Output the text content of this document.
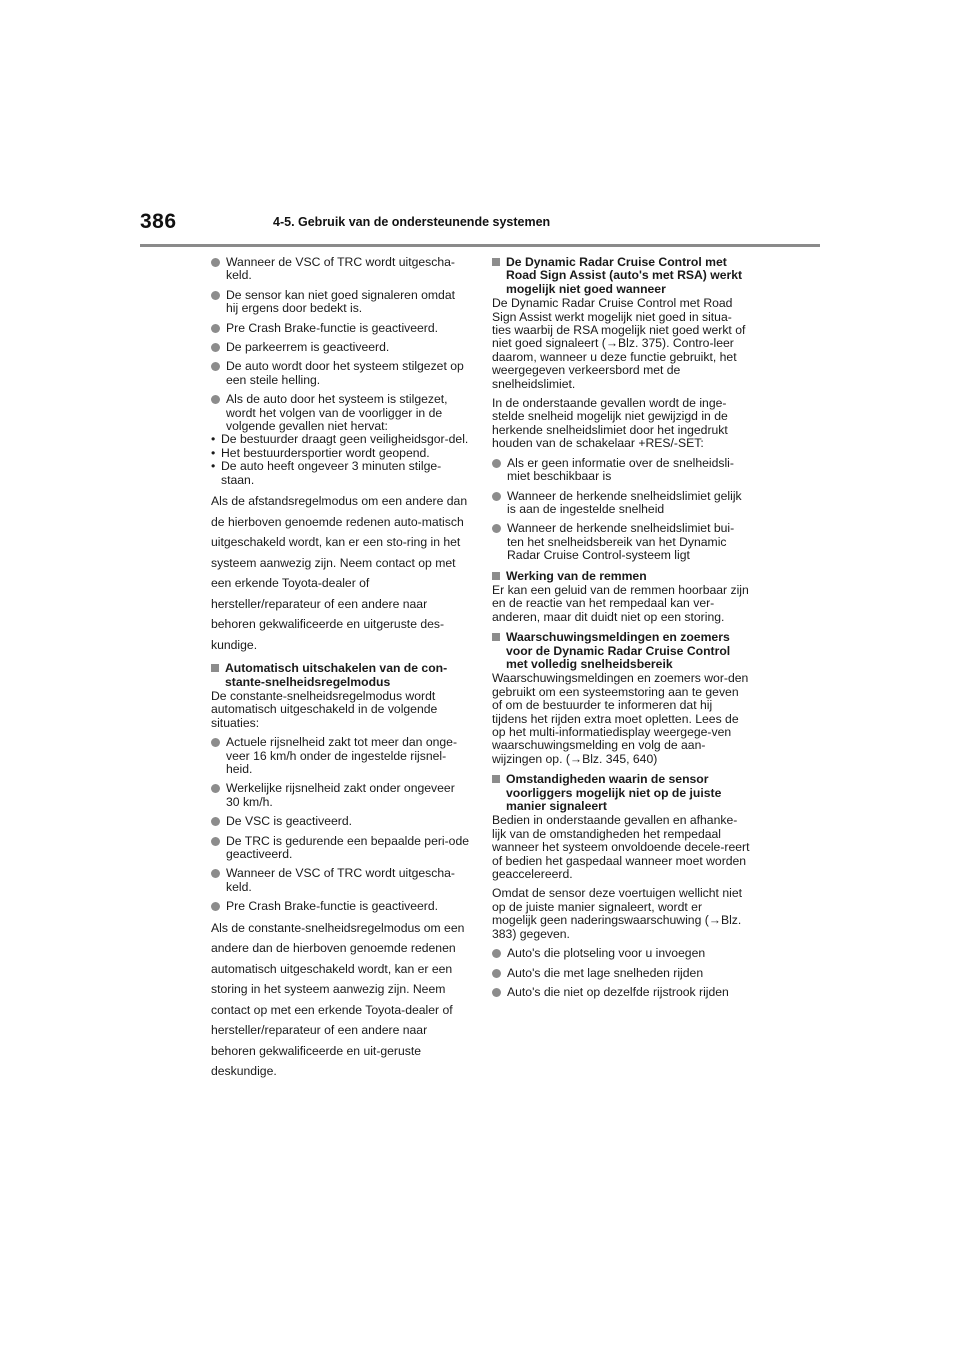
386	4-5. Gebruik van de ondersteunende systemen
Wanneer de VSC of TRC wordt uitgescha-keld.
De sensor kan niet goed signaleren omdat hij ergens door bedekt is.
Pre Crash Brake-functie is geactiveerd.
De parkeerrem is geactiveerd.
De auto wordt door het systeem stilgezet op een steile helling.
Als de auto door het systeem is stilgezet, wordt het volgen van de voorligger in de volgende gevallen niet hervat:
• De bestuurder draagt geen veiligheidsgor-del.
• Het bestuurdersportier wordt geopend.
• De auto heeft ongeveer 3 minuten stilge-staan.

Als de afstandsregelmodus om een andere dan de hierboven genoemde redenen auto-matisch uitgeschakeld wordt, kan er een sto-ring in het systeem aanwezig zijn. Neem contact op met een erkende Toyota-dealer of hersteller/reparateur of een andere naar behoren gekwalificeerde en uitgeruste des-kundige.

Automatisch uitschakelen van de con-stante-snelheidsregelmodus

De constante-snelheidsregelmodus wordt automatisch uitgeschakeld in de volgende situaties:

Actuele rijsnelheid zakt tot meer dan onge-veer 16 km/h onder de ingestelde rijsnel-heid.
Werkelijke rijsnelheid zakt onder ongeveer 30 km/h.
De VSC is geactiveerd.
De TRC is gedurende een bepaalde peri-ode geactiveerd.
Wanneer de VSC of TRC wordt uitgescha-keld.
Pre Crash Brake-functie is geactiveerd.

Als de constante-snelheidsregelmodus om een andere dan de hierboven genoemde redenen automatisch uitgeschakeld wordt, kan er een storing in het systeem aanwezig zijn. Neem contact op met een erkende Toyota-dealer of hersteller/reparateur of een andere naar behoren gekwalificeerde en uit-geruste deskundige.

De Dynamic Radar Cruise Control met Road Sign Assist (auto's met RSA) werkt mogelijk niet goed wanneer

De Dynamic Radar Cruise Control met Road Sign Assist werkt mogelijk niet goed in situa-ties waarbij de RSA mogelijk niet goed werkt of niet goed signaleert (→Blz. 375). Contro-leer daarom, wanneer u deze functie gebruikt, het weergegeven verkeersbord met de snelheidslimiet.

In de onderstaande gevallen wordt de inge-stelde snelheid mogelijk niet gewijzigd in de herkende snelheidslimiet door het ingedrukt houden van de schakelaar +RES/-SET:

Als er geen informatie over de snelheidsli-miet beschikbaar is
Wanneer de herkende snelheidslimiet gelijk is aan de ingestelde snelheid
Wanneer de herkende snelheidslimiet bui-ten het snelheidsbereik van het Dynamic Radar Cruise Control-systeem ligt
Werking van de remmen

Er kan een geluid van de remmen hoorbaar zijn en de reactie van het rempedaal kan ver-anderen, maar dit duidt niet op een storing.

Waarschuwingsmeldingen en zoemers voor de Dynamic Radar Cruise Control met volledig snelheidsbereik

Waarschuwingsmeldingen en zoemers wor-den gebruikt om een systeemstoring aan te geven of om de bestuurder te informeren dat hij tijdens het rijden extra moet opletten. Lees de op het multi-informatiedisplay weergege-ven waarschuwingsmelding en volg de aan-wijzingen op. (→Blz. 345, 640)

Omstandigheden waarin de sensor voorliggers mogelijk niet op de juiste manier signaleert

Bedien in onderstaande gevallen en afhanke-lijk van de omstandigheden het rempedaal wanneer het systeem onvoldoende decele-reert of bedien het gaspedaal wanneer moet worden geaccelereerd.

Omdat de sensor deze voertuigen wellicht niet op de juiste manier signaleert, wordt er mogelijk geen naderingswaarschuwing (→Blz. 383) gegeven.

Auto's die plotseling voor u invoegen
Auto's die met lage snelheden rijden
Auto's die niet op dezelfde rijstrook rijden
